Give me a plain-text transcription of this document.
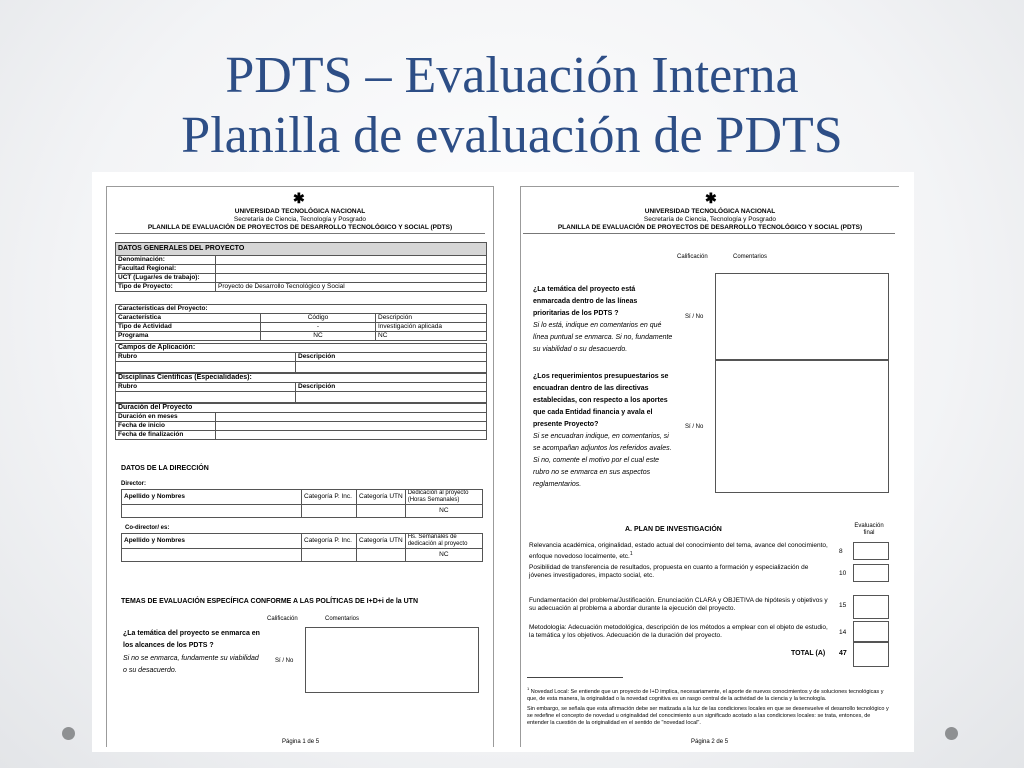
PDTS – Evaluación Interna
Planilla de evaluación de PDTS
✱
UNIVERSIDAD TECNOLÓGICA NACIONAL
Secretaría de Ciencia, Tecnología y Posgrado
PLANILLA DE EVALUACIÓN DE PROYECTOS DE DESARROLLO TECNOLÓGICO Y SOCIAL (PDTS)
DATOS GENERALES DEL PROYECTO	
Denominación:	
Facultad Regional:	
UCT (Lugar/es de trabajo):	
Tipo de Proyecto:	Proyecto de Desarrollo Tecnológico y Social
Características del Proyecto:		
Característica	Código	Descripción
Tipo de Actividad	-	Investigación aplicada
Programa	NC	NC
Campos de Aplicación:	
Rubro	Descripción

Disciplinas Científicas (Especialidades):	
Rubro	Descripción

Duración del Proyecto	
Duración en meses	
Fecha de inicio	
Fecha de finalización	
DATOS DE LA DIRECCIÓN
Director:
Apellido y Nombres	Categoría P. Inc.	Categoría UTN	Dedicación al proyecto (Horas Semanales)
			NC
Co-director/ es:
Apellido y Nombres	Categoría P. Inc.	Categoría UTN	Hs. Semanales de dedicación al proyecto
			NC
TEMAS DE EVALUACIÓN ESPECÍFICA CONFORME A LAS POLÍTICAS DE I+D+i de la UTN
Calificación	Comentarios
¿La temática del proyecto se enmarca en los alcances de los PDTS ?
Si no se enmarca, fundamente su viabilidad o su desacuerdo.
Sí / No
Página 1 de 5
✱
UNIVERSIDAD TECNOLÓGICA NACIONAL
Secretaría de Ciencia, Tecnología y Posgrado
PLANILLA DE EVALUACIÓN DE PROYECTOS DE DESARROLLO TECNOLÓGICO Y SOCIAL (PDTS)
Calificación	Comentarios
¿La temática del proyecto está enmarcada dentro de las líneas prioritarias de los PDTS ?
Si lo está, indique en comentarios en qué línea puntual se enmarca. Si no, fundamente su viabilidad o su desacuerdo.
Sí / No
¿Los requerimientos presupuestarios se encuadran dentro de las directivas establecidas, con respecto a los aportes que cada Entidad financia y avala el presente Proyecto?
Si se encuadran indique, en comentarios, si se acompañan adjuntos los referidos avales. Si no, comente el motivo por el cual este rubro no se enmarca en sus aspectos reglamentarios.
Sí / No
A. PLAN DE INVESTIGACIÓN	Evaluación final
Relevancia académica, originalidad, estado actual del conocimiento del tema, avance del conocimiento, enfoque novedoso localmente, etc.$^1$	8
Posibilidad de transferencia de resultados, propuesta en cuanto a formación y especialización de jóvenes investigadores, impacto social, etc.	10
Fundamentación del problema/Justificación. Enunciación CLARA y OBJETIVA de hipótesis y objetivos y su adecuación al problema a abordar durante la ejecución del proyecto.	15
Metodología: Adecuación metodológica, descripción de los métodos a emplear con el objeto de estudio, la temática y los objetivos. Adecuación de la duración del proyecto.	14
TOTAL (A) 47
$^1$ Novedad Local: Se entiende que un proyecto de I+D implica, necesariamente, el aporte de nuevos conocimientos y de soluciones tecnológicas y que, de esta manera, la originalidad o la novedad cognitiva es un rasgo central de la actividad de la ciencia y la tecnología.
Sin embargo, se señala que esta afirmación debe ser matizada a la luz de las condiciones locales en que se desenvuelve el desarrollo tecnológico y se redefine el concepto de novedad u originalidad del conocimiento a un significado acotado a las condiciones locales: se trata, entonces, de entender la cuestión de la originalidad en el sentido de "novedad local".
Página 2 de 5
